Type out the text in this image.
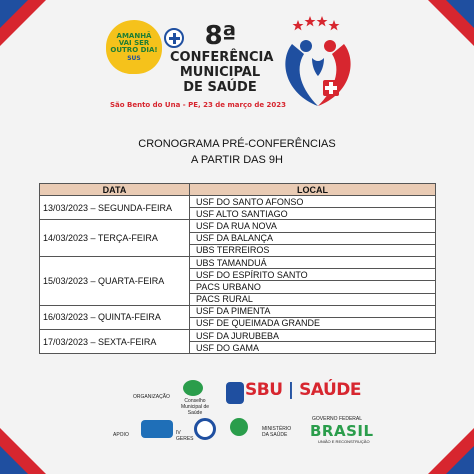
AMANHÃ
VAI SER
OUTRO DIA!
SUS
8ª
CONFERÊNCIA
MUNICIPAL DE SAÚDE
São Bento do Una - PE, 23 de março de 2023
CRONOGRAMA PRÉ-CONFERÊNCIAS
A PARTIR DAS 9H
DATA	LOCAL
13/03/2023 – SEGUNDA-FEIRA	USF DO SANTO AFONSO
	USF ALTO SANTIAGO
14/03/2023 – TERÇA-FEIRA	USF DA RUA NOVA
	USF DA BALANÇA
	UBS TERREIROS
15/03/2023 – QUARTA-FEIRA	UBS TAMANDUÁ
	USF DO ESPÍRITO SANTO
	PACS URBANO
	PACS RURAL
16/03/2023 – QUINTA-FEIRA	USF DA PIMENTA
	USF DE QUEIMADA GRANDE
17/03/2023 – SEXTA-FEIRA	USF DA JURUBEBA
	USF DO GAMA
ORGANIZAÇÃO
Conselho Municipal de Saúde
SBU | SAÚDE
APOIO	IV GERES
MINISTÉRIO DA SAÚDE
GOVERNO FEDERAL
BRASIL
UNIÃO E RECONSTRUÇÃO
